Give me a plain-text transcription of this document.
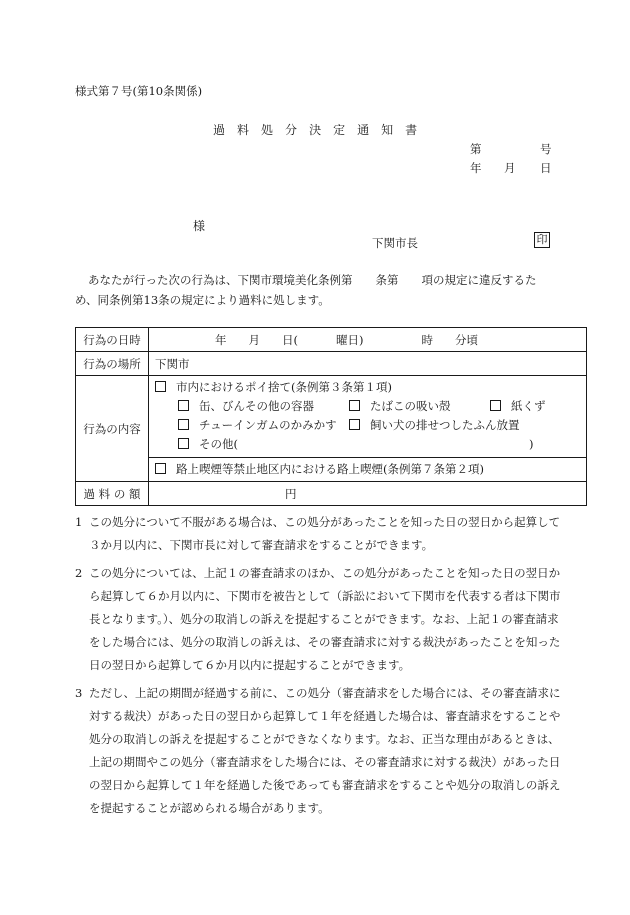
様式第７号(第10条関係)
過 料 処 分 決 定 通 知 書
第	号
年 月 日
様
下関市長	印
あなたが行った次の行為は、下関市環境美化条例第　　条第　　項の規定に違反するため、同条例第13条の規定により過料に処します。
行為の日時	年 月 日( 曜日) 時 分頃

行為の場所	下関市
行為の内容	市内におけるポイ捨て(条例第３条第１項)
缶、びんその他の容器 たばこの吸い殻 紙くず
チューインガムのかみかす 飼い犬の排せつしたふん放置
その他( )
路上喫煙等禁止地区内における路上喫煙(条例第７条第２項)

過 料 の 額	円
1 この処分について不服がある場合は、この処分があったことを知った日の翌日から起算して３か月以内に、下関市長に対して審査請求をすることができます。
2 この処分については、上記１の審査請求のほか、この処分があったことを知った日の翌日から起算して６か月以内に、下関市を被告として（訴訟において下関市を代表する者は下関市長となります。）、処分の取消しの訴えを提起することができます。なお、上記１の審査請求をした場合には、処分の取消しの訴えは、その審査請求に対する裁決があったことを知った日の翌日から起算して６か月以内に提起することができます。
3 ただし、上記の期間が経過する前に、この処分（審査請求をした場合には、その審査請求に対する裁決）があった日の翌日から起算して１年を経過した場合は、審査請求をすることや処分の取消しの訴えを提起することができなくなります。なお、正当な理由があるときは、上記の期間やこの処分（審査請求をした場合には、その審査請求に対する裁決）があった日の翌日から起算して１年を経過した後であっても審査請求をすることや処分の取消しの訴えを提起することが認められる場合があります。
